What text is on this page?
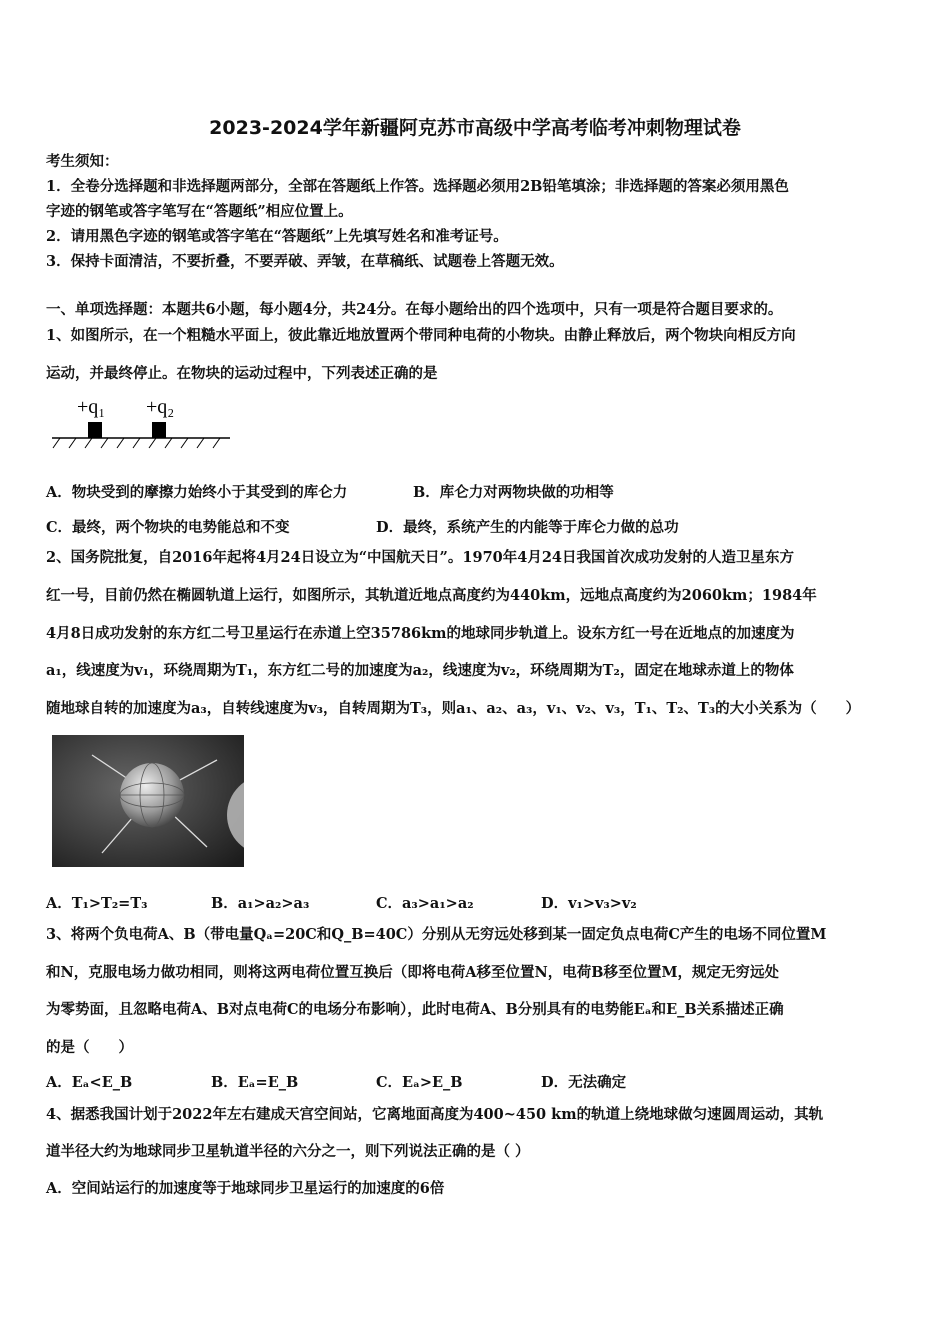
2023-2024学年新疆阿克苏市高级中学高考临考冲刺物理试卷
考生须知：
1．全卷分选择题和非选择题两部分，全部在答题纸上作答。选择题必须用2B铅笔填涂；非选择题的答案必须用黑色
字迹的钢笔或答字笔写在“答题纸”相应位置上。
2．请用黑色字迹的钢笔或答字笔在“答题纸”上先填写姓名和准考证号。
3．保持卡面清洁，不要折叠，不要弄破、弄皱，在草稿纸、试题卷上答题无效。
一、单项选择题：本题共6小题，每小题4分，共24分。在每小题给出的四个选项中，只有一项是符合题目要求的。
1、如图所示，在一个粗糙水平面上，彼此靠近地放置两个带同种电荷的小物块。由静止释放后，两个物块向相反方向
运动，并最终停止。在物块的运动过程中，下列表述正确的是
+q₁ +q₂
A．物块受到的摩擦力始终小于其受到的库仑力	B．库仑力对两物块做的功相等
C．最终，两个物块的电势能总和不变	D．最终，系统产生的内能等于库仑力做的总功
2、国务院批复，自2016年起将4月24日设立为“中国航天日”。1970年4月24日我国首次成功发射的人造卫星东方
红一号，目前仍然在椭圆轨道上运行，如图所示，其轨道近地点高度约为440km，远地点高度约为2060km；1984年
4月8日成功发射的东方红二号卫星运行在赤道上空35786km的地球同步轨道上。设东方红一号在近地点的加速度为
a₁，线速度为v₁，环绕周期为T₁，东方红二号的加速度为a₂，线速度为v₂，环绕周期为T₂，固定在地球赤道上的物体
随地球自转的加速度为a₃，自转线速度为v₃，自转周期为T₃，则a₁、a₂、a₃，v₁、v₂、v₃，T₁、T₂、T₃的大小关系为（　　）
A．T₁>T₂=T₃	B．a₁>a₂>a₃	C．a₃>a₁>a₂	D．v₁>v₃>v₂
3、将两个负电荷A、B（带电量Qₐ=20C和Q_B=40C）分别从无穷远处移到某一固定负点电荷C产生的电场不同位置M
和N，克服电场力做功相同，则将这两电荷位置互换后（即将电荷A移至位置N，电荷B移至位置M，规定无穷远处
为零势面，且忽略电荷A、B对点电荷C的电场分布影响），此时电荷A、B分别具有的电势能Eₐ和E_B关系描述正确
的是（　　）
A．Eₐ<E_B	B．Eₐ=E_B	C．Eₐ>E_B	D．无法确定
4、据悉我国计划于2022年左右建成天宫空间站，它离地面高度为400~450 km的轨道上绕地球做匀速圆周运动，其轨
道半径大约为地球同步卫星轨道半径的六分之一，则下列说法正确的是（ ）
A．空间站运行的加速度等于地球同步卫星运行的加速度的6倍
